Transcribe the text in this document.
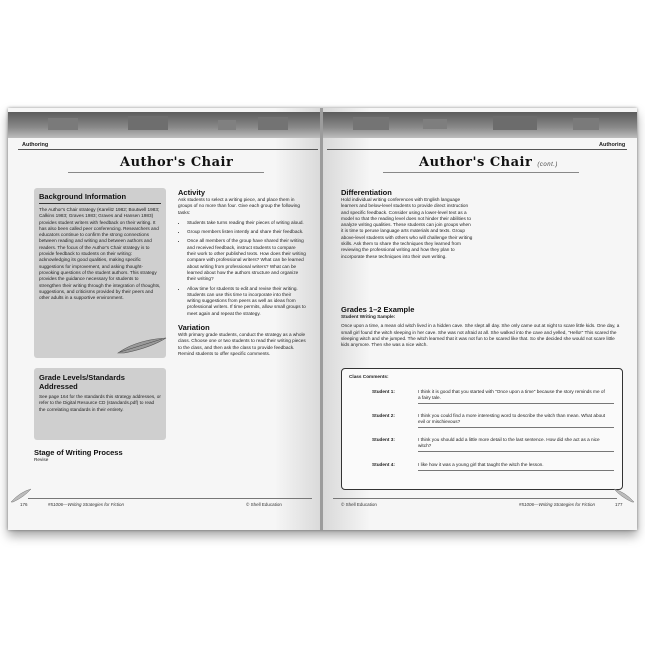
Authoring
Author's Chair
Background Information
The Author's Chair strategy (Karelitz 1982; Boutwell 1983; Calkins 1983; Graves 1983; Graves and Hansen 1983) provides student writers with feedback on their writing. It has also been called peer conferencing. Researchers and educators continue to confirm the strong connections between reading and writing and between authors and readers. The focus of the Author's Chair strategy is to provide feedback to students on their writing: acknowledging its good qualities, making specific suggestions for improvement, and asking thought-provoking questions of the student authors. This strategy provides the guidance necessary for students to strengthen their writing through the integration of thoughts, suggestions, and criticisms provided by their peers and other adults in a supportive environment.
Grade Levels/Standards Addressed
See page 164 for the standards this strategy addresses, or refer to the Digital Resource CD (standards.pdf) to read the correlating standards in their entirety.
Stage of Writing Process
Revise
Activity
Ask students to select a writing piece, and place them in groups of no more than four. Give each group the following tasks:
• Students take turns reading their pieces of writing aloud.
• Group members listen intently and share their feedback.
• Once all members of the group have shared their writing and received feedback, instruct students to compare their work to other published texts. How does their writing compare with professional writers? What can be learned about writing from professional writers? What can be learned about how the authors structure and organize their writing?
• Allow time for students to edit and revise their writing. Students can use this time to incorporate into their writing suggestions from peers as well as ideas from professional writers. If time permits, allow small groups to meet again and repeat the strategy.
Variation
With primary grade students, conduct the strategy as a whole class. Choose one or two students to read their writing pieces to the class, and then ask the class to provide feedback. Remind students to offer specific comments.
176	#51006—Writing Strategies for Fiction	© Shell Education
Authoring
Author's Chair (cont.)
Differentiation
Hold individual writing conferences with English language learners and below-level students to provide direct instruction and specific feedback. Consider using a lower-level text as a model so that the reading level does not hinder their abilities to analyze writing qualities. These students can join groups when it is time to peruse language arts materials and texts. Group above-level students with others who will challenge their writing skills. Ask them to share the techniques they learned from reviewing the professional writing and how they plan to incorporate these techniques into their own writing.
Grades 1–2 Example
Student Writing Sample:
Once upon a time, a mean old witch lived in a hidden cave. She slept all day. She only came out at night to scare little kids. One day, a small girl found the witch sleeping in her cave. She was not afraid at all. She walked into the cave and yelled, "Hello!" This scared the sleeping witch and she jumped. The witch learned that it was not fun to be scared like that. So she decided she would not scare little kids anymore. Then she was a nice witch.
Class Comments:
Student 1:	I think it is good that you started with "Once upon a time" because the story reminds me of a fairy tale.
Student 2:	I think you could find a more interesting word to describe the witch than mean. What about evil or mischievous?
Student 3:	I think you should add a little more detail to the last sentence. How did she act as a nice witch?
Student 4:	I like how it was a young girl that taught the witch the lesson.
© Shell Education	#51006—Writing Strategies for Fiction	177
